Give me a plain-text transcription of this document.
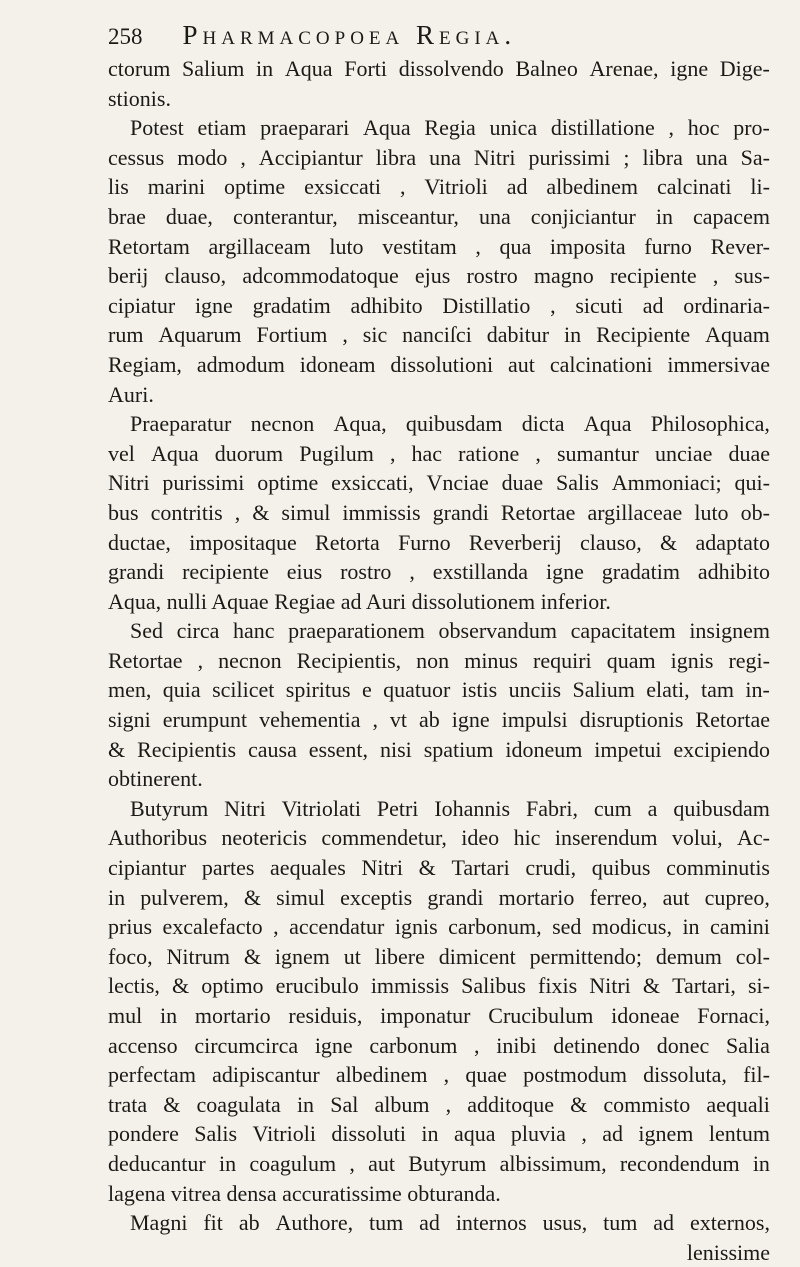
258 Pharmacopoea Regia.
ctorum Salium in Aqua Forti dissolvendo Balneo Arenae, igne Dige-
stionis.
Potest etiam praeparari Aqua Regia unica distillatione , hoc pro-
cessus modo , Accipiantur libra una Nitri purissimi ; libra una Sa-
lis marini optime exsiccati , Vitrioli ad albedinem calcinati li-
brae duae, conterantur, misceantur, una conjiciantur in capacem
Retortam argillaceam luto vestitam , qua imposita furno Rever-
berij clauso, adcommodatoque ejus rostro magno recipiente , sus-
cipiatur igne gradatim adhibito Distillatio , sicuti ad ordinaria-
rum Aquarum Fortium , sic nanciſci dabitur in Recipiente Aquam
Regiam, admodum idoneam dissolutioni aut calcinationi immersivae
Auri.
Praeparatur necnon Aqua, quibusdam dicta Aqua Philosophica,
vel Aqua duorum Pugilum , hac ratione , sumantur unciae duae
Nitri purissimi optime exsiccati, Vnciae duae Salis Ammoniaci; qui-
bus contritis , & simul immissis grandi Retortae argillaceae luto ob-
ductae, impositaque Retorta Furno Reverberij clauso, & adaptato
grandi recipiente eius rostro , exstillanda igne gradatim adhibito
Aqua, nulli Aquae Regiae ad Auri dissolutionem inferior.
Sed circa hanc praeparationem observandum capacitatem insignem
Retortae , necnon Recipientis, non minus requiri quam ignis regi-
men, quia scilicet spiritus e quatuor istis unciis Salium elati, tam in-
signi erumpunt vehementia , vt ab igne impulsi disruptionis Retortae
& Recipientis causa essent, nisi spatium idoneum impetui excipiendo
obtinerent.
Butyrum Nitri Vitriolati Petri Iohannis Fabri, cum a quibusdam
Authoribus neotericis commendetur, ideo hic inserendum volui, Ac-
cipiantur partes aequales Nitri & Tartari crudi, quibus comminutis
in pulverem, & simul exceptis grandi mortario ferreo, aut cupreo,
prius excalefacto , accendatur ignis carbonum, sed modicus, in camini
foco, Nitrum & ignem ut libere dimicent permittendo; demum col-
lectis, & optimo erucibulo immissis Salibus fixis Nitri & Tartari, si-
mul in mortario residuis, imponatur Crucibulum idoneae Fornaci,
accenso circumcirca igne carbonum , inibi detinendo donec Salia
perfectam adipiscantur albedinem , quae postmodum dissoluta, fil-
trata & coagulata in Sal album , additoque & commisto aequali
pondere Salis Vitrioli dissoluti in aqua pluvia , ad ignem lentum
deducantur in coagulum , aut Butyrum albissimum, recondendum in
lagena vitrea densa accuratissime obturanda.
Magni fit ab Authore, tum ad internos usus, tum ad externos,
lenissime
